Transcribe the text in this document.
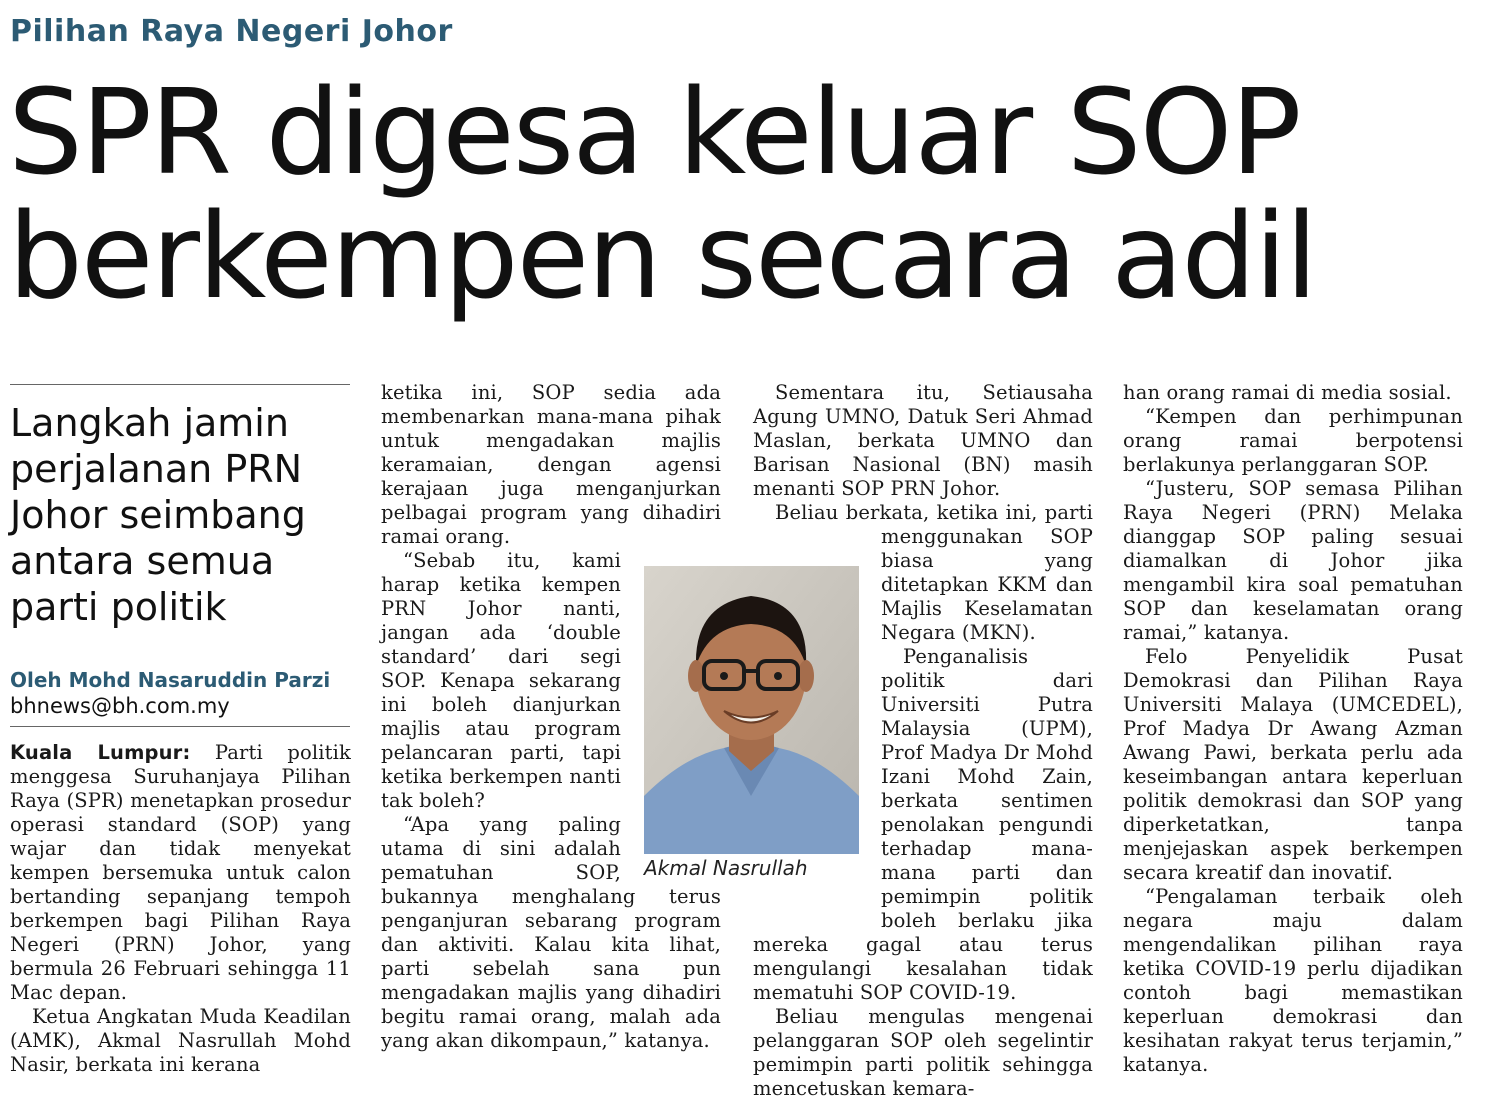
Pilihan Raya Negeri Johor
SPR digesa keluar SOP
berkempen secara adil
Langkah jamin perjalanan PRN Johor seimbang antara semua parti politik
Oleh Mohd Nasaruddin Parzi
bhnews@bh.com.my

Kuala Lumpur: Parti politik menggesa Suruhanjaya Pilihan Raya (SPR) menetapkan prosedur operasi standard (SOP) yang wajar dan tidak menyekat kempen bersemuka untuk calon bertanding sepanjang tempoh berkempen bagi Pilihan Raya Negeri (PRN) Johor, yang bermula 26 Februari sehingga 11 Mac depan.

Ketua Angkatan Muda Keadilan (AMK), Akmal Nasrullah Mohd Nasir, berkata ini kerana

ketika ini, SOP sedia ada membenarkan mana-mana pihak untuk mengadakan majlis keramaian, dengan agensi kerajaan juga menganjurkan pelbagai program yang dihadiri ramai orang.

“Sebab itu, kami harap ketika kempen PRN Johor nanti, jangan ada ‘double standard’ dari segi SOP. Kenapa sekarang ini boleh dianjurkan majlis atau program pelancaran parti, tapi ketika berkempen nanti tak boleh?

“Apa yang paling utama di sini adalah pematuhan SOP, bukannya menghalang terus penganjuran sebarang program dan aktiviti. Kalau kita lihat, parti sebelah sana pun mengadakan majlis yang dihadiri begitu ramai orang, malah ada yang akan dikompaun,” katanya.

Sementara itu, Setiausaha Agung UMNO, Datuk Seri Ahmad Maslan, berkata UMNO dan Barisan Nasional (BN) masih menanti SOP PRN Johor.

Beliau berkata, ketika ini, parti menggunakan SOP biasa yang ditetapkan KKM dan Majlis Keselamatan Negara (MKN).

Penganalisis politik dari Universiti Putra Malaysia (UPM), Prof Madya Dr Mohd Izani Mohd Zain, berkata sentimen penolakan pengundi terhadap mana-mana parti dan pemimpin politik boleh berlaku jika mereka gagal atau terus mengulangi kesalahan tidak mematuhi SOP COVID-19.

Beliau mengulas mengenai pelanggaran SOP oleh segelintir pemimpin parti politik sehingga mencetuskan kemara-

han orang ramai di media sosial.

“Kempen dan perhimpunan orang ramai berpotensi berlakunya perlanggaran SOP.

“Justeru, SOP semasa Pilihan Raya Negeri (PRN) Melaka dianggap SOP paling sesuai diamalkan di Johor jika mengambil kira soal pematuhan SOP dan keselamatan orang ramai,” katanya.

Felo Penyelidik Pusat Demokrasi dan Pilihan Raya Universiti Malaya (UMCEDEL), Prof Madya Dr Awang Azman Awang Pawi, berkata perlu ada keseimbangan antara keperluan politik demokrasi dan SOP yang diperketatkan, tanpa menjejaskan aspek berkempen secara kreatif dan inovatif.

“Pengalaman terbaik oleh negara maju dalam mengendalikan pilihan raya ketika COVID-19 perlu dijadikan contoh bagi memastikan keperluan demokrasi dan kesihatan rakyat terus terjamin,” katanya.

Akmal Nasrullah
